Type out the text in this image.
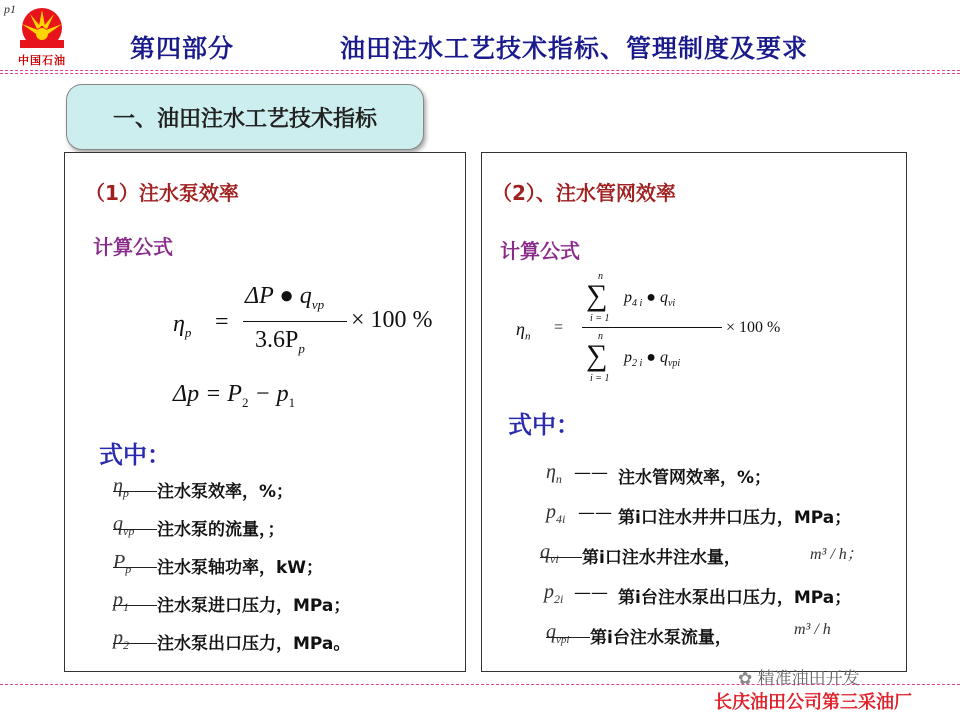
p1
中国石油	第四部分	油田注水工艺技术指标、管理制度及要求
一、油田注水工艺技术指标
（1）注水泵效率
计算公式
$\eta_p$ =
ΔP ● $q_{vp}$
$3.6P_p$
× 100 %
$\Delta p = P_2 - p_1$
式中：
$\eta_p$ 注水泵效率，%；
$q_{vp}$ 注水泵的流量，；
$P_p$ 注水泵轴功率，kW；
$p_1$ 注水泵进口压力，MPa；
$p_2$ 注水泵出口压力，MPa。
（2）、注水管网效率
计算公式
$\eta_n$
=
n
∑
i = 1
$p_{4 i}$ ● $q_{vi}$
n
∑
i = 1
$p_{2 i}$ ● $q_{vpi}$
× 100 %
式中：
$\eta_n$ —— 注水管网效率，%；
$p_{4i}$ —— 第i口注水井井口压力，MPa；
$q_{vi}$ 第i口注水井注水量，	m³ / h；
$p_{2i}$ —— 第i台注水泵出口压力，MPa；
$q_{vpi}$ 第i台注水泵流量，	m³ / h
✿ 精准油田开发
长庆油田公司第三采油厂
